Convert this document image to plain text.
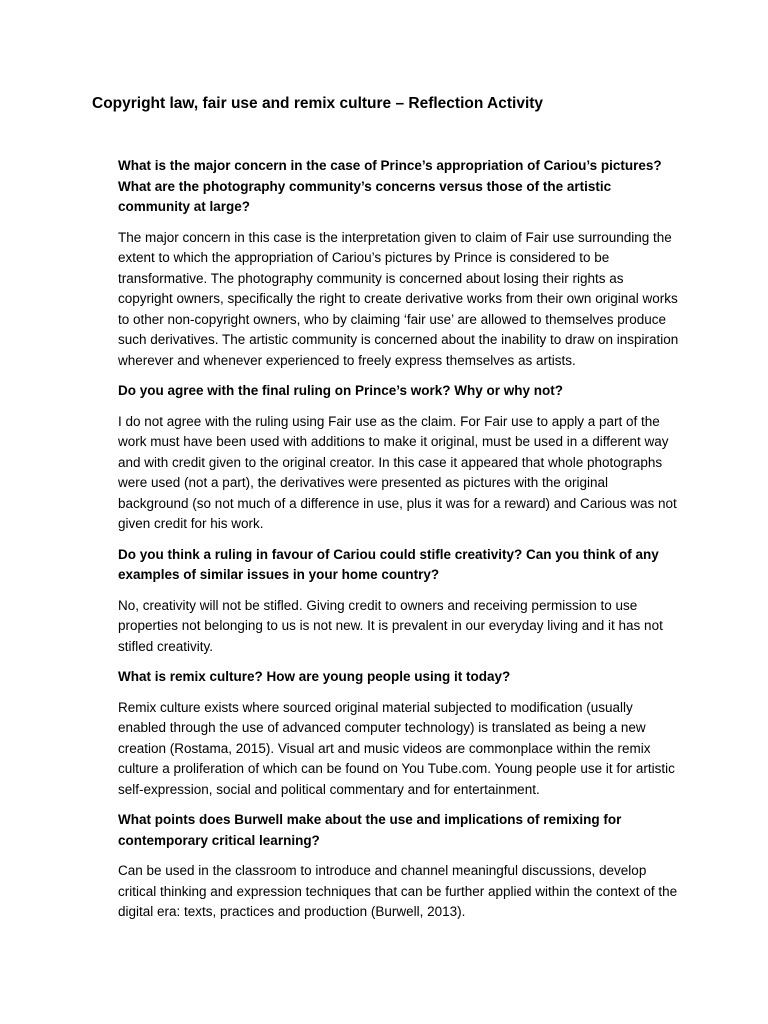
Copyright law, fair use and remix culture – Reflection Activity

What is the major concern in the case of Prince’s appropriation of Cariou’s pictures? What are the photography community’s concerns versus those of the artistic community at large?

The major concern in this case is the interpretation given to claim of Fair use surrounding the extent to which the appropriation of Cariou’s pictures by Prince is considered to be transformative. The photography community is concerned about losing their rights as copyright owners, specifically the right to create derivative works from their own original works to other non-copyright owners, who by claiming ‘fair use’ are allowed to themselves produce such derivatives. The artistic community is concerned about the inability to draw on inspiration wherever and whenever experienced to freely express themselves as artists.

Do you agree with the final ruling on Prince’s work? Why or why not?

I do not agree with the ruling using Fair use as the claim. For Fair use to apply a part of the work must have been used with additions to make it original, must be used in a different way and with credit given to the original creator. In this case it appeared that whole photographs were used (not a part), the derivatives were presented as pictures with the original background (so not much of a difference in use, plus it was for a reward) and Carious was not given credit for his work.

Do you think a ruling in favour of Cariou could stifle creativity? Can you think of any examples of similar issues in your home country?

No, creativity will not be stifled. Giving credit to owners and receiving permission to use properties not belonging to us is not new. It is prevalent in our everyday living and it has not stifled creativity.

What is remix culture? How are young people using it today?

Remix culture exists where sourced original material subjected to modification (usually enabled through the use of advanced computer technology) is translated as being a new creation (Rostama, 2015). Visual art and music videos are commonplace within the remix culture a proliferation of which can be found on You Tube.com. Young people use it for artistic self-expression, social and political commentary and for entertainment.

What points does Burwell make about the use and implications of remixing for contemporary critical learning?

Can be used in the classroom to introduce and channel meaningful discussions, develop critical thinking and expression techniques that can be further applied within the context of the digital era: texts, practices and production (Burwell, 2013).
